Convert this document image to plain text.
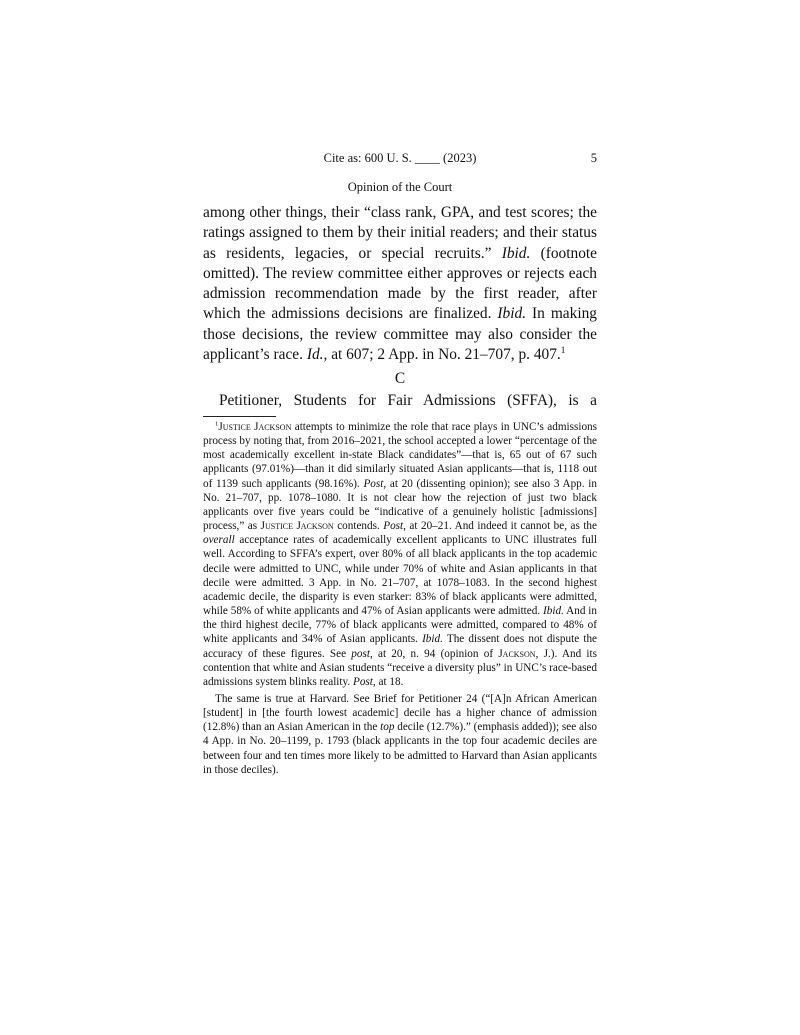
Cite as: 600 U. S. ____ (2023)	5
Opinion of the Court

among other things, their “class rank, GPA, and test scores; the ratings assigned to them by their initial readers; and their status as residents, legacies, or special recruits.” Ibid. (footnote omitted). The review committee either approves or rejects each admission recommendation made by the first reader, after which the admissions decisions are finalized. Ibid. In making those decisions, the review committee may also consider the applicant’s race. Id., at 607; 2 App. in No. 21–707, p. 407.$^1$

C

Petitioner, Students for Fair Admissions (SFFA), is a

$^1$Justice Jackson attempts to minimize the role that race plays in UNC’s admissions process by noting that, from 2016–2021, the school accepted a lower “percentage of the most academically excellent in-state Black candidates”—that is, 65 out of 67 such applicants (97.01%)—than it did similarly situated Asian applicants—that is, 1118 out of 1139 such applicants (98.16%). Post, at 20 (dissenting opinion); see also 3 App. in No. 21–707, pp. 1078–1080. It is not clear how the rejection of just two black applicants over five years could be “indicative of a genuinely holistic [admissions] process,” as Justice Jackson contends. Post, at 20–21. And indeed it cannot be, as the overall acceptance rates of academically excellent applicants to UNC illustrates full well. According to SFFA’s expert, over 80% of all black applicants in the top academic decile were admitted to UNC, while under 70% of white and Asian applicants in that decile were admitted. 3 App. in No. 21–707, at 1078–1083. In the second highest academic decile, the disparity is even starker: 83% of black applicants were admitted, while 58% of white applicants and 47% of Asian applicants were admitted. Ibid. And in the third highest decile, 77% of black applicants were admitted, compared to 48% of white applicants and 34% of Asian applicants. Ibid. The dissent does not dispute the accuracy of these figures. See post, at 20, n. 94 (opinion of Jackson, J.). And its contention that white and Asian students “receive a diversity plus” in UNC’s race-based admissions system blinks reality. Post, at 18.

The same is true at Harvard. See Brief for Petitioner 24 (“[A]n African American [student] in [the fourth lowest academic] decile has a higher chance of admission (12.8%) than an Asian American in the top decile (12.7%).” (emphasis added)); see also 4 App. in No. 20–1199, p. 1793 (black applicants in the top four academic deciles are between four and ten times more likely to be admitted to Harvard than Asian applicants in those deciles).
